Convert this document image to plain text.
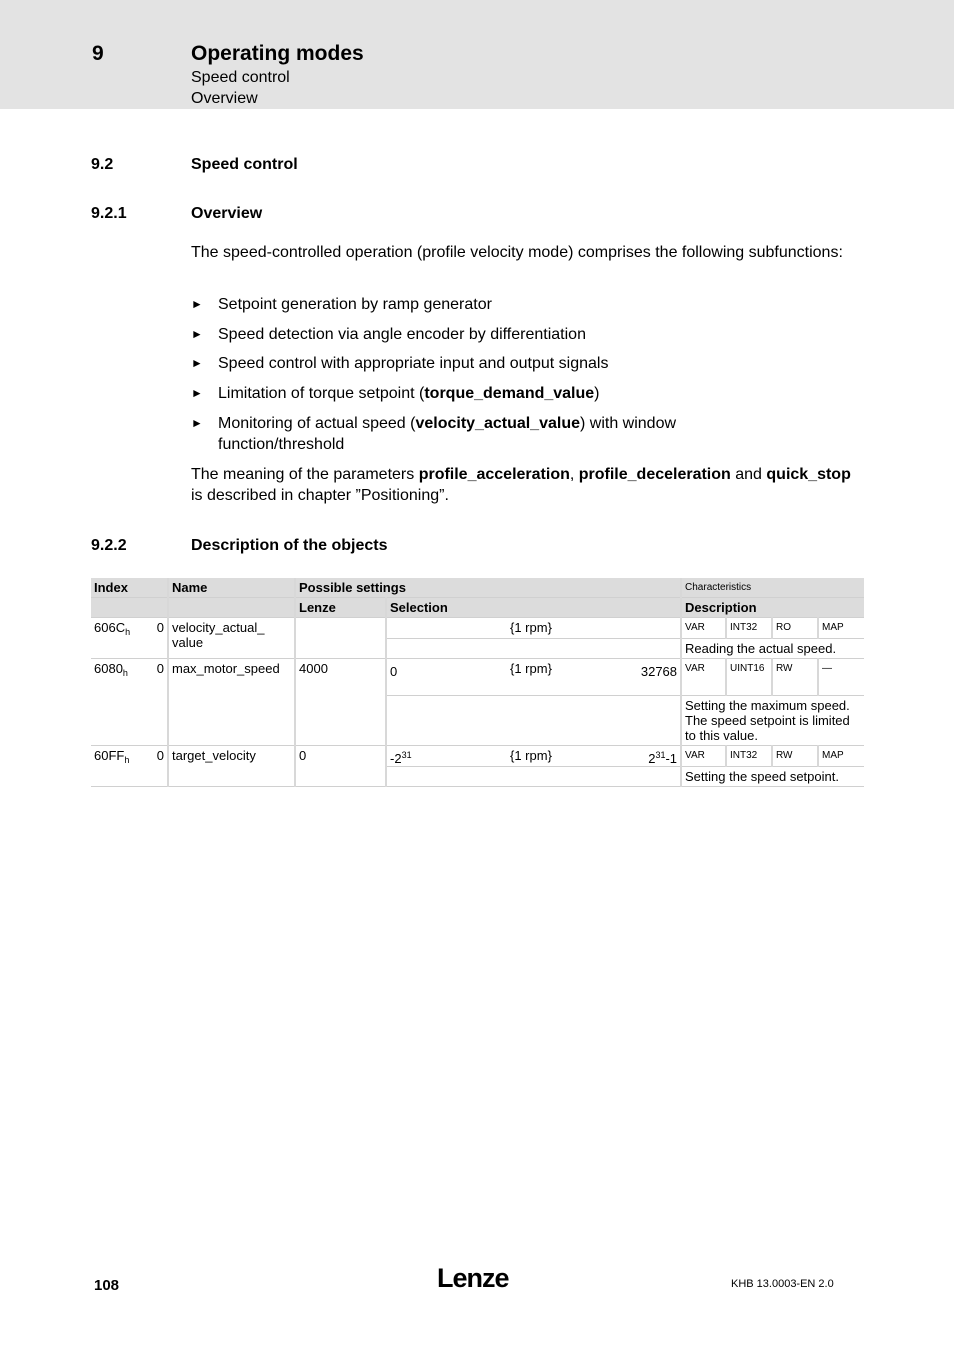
9	Operating modes
Speed control
Overview
9.2	Speed control
9.2.1	Overview
The speed-controlled operation (profile velocity mode) comprises the following subfunctions:
► Setpoint generation by ramp generator
► Speed detection via angle encoder by differentiation
► Speed control with appropriate input and output signals
► Limitation of torque setpoint (torque_demand_value)
► Monitoring of actual speed (velocity_actual_value) with window function/threshold
The meaning of the parameters profile_acceleration, profile_deceleration and quick_stop is described in chapter ”Positioning”.
9.2.2	Description of the objects
Index		Name	Possible settings		Characteristics			
			Lenze	Selection	Description			
$606C_h$	0	velocity_actual_ value		{1 rpm}	VAR	INT32	RO	MAP
					Reading the actual speed.			
$6080_h$	0	max_motor_speed	4000	0 {1 rpm} 32768	VAR	UINT16	RW	—
					Setting the maximum speed. The speed setpoint is limited to this value.			
$60FF_h$	0	target_velocity	0	$-2^{31}$ {1 rpm} $2^{31}-1$	VAR	INT32	RW	MAP
					Setting the speed setpoint.			
108	Lenze	KHB 13.0003-EN 2.0
